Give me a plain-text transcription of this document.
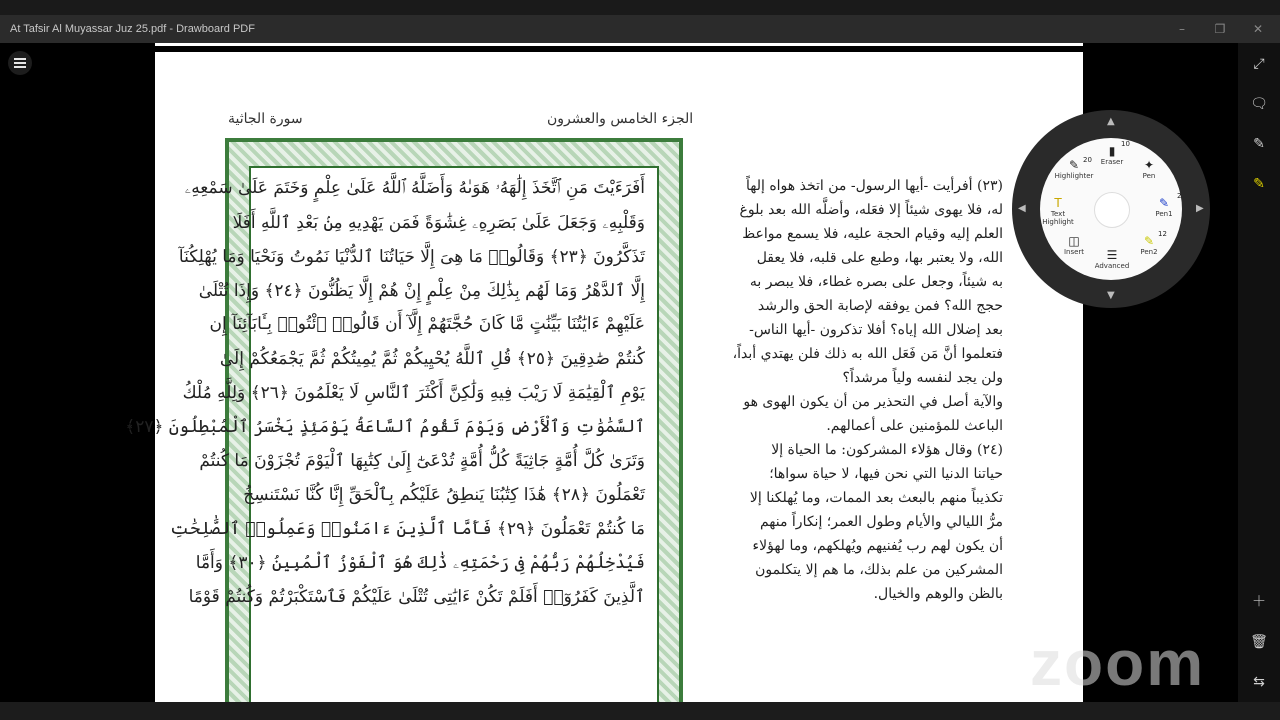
At Tafsir Al Muyassar Juz 25.pdf - Drawboard PDF	–	❐	✕
سورة الجاثية	الجزء الخامس والعشرون
أَفَرَءَيْتَ مَنِ ٱتَّخَذَ إِلَٰهَهُۥ هَوَىٰهُ وَأَضَلَّهُ ٱللَّهُ عَلَىٰ عِلْمٍ وَخَتَمَ عَلَىٰ سَمْعِهِۦ
وَقَلْبِهِۦ وَجَعَلَ عَلَىٰ بَصَرِهِۦ غِشَٰوَةً فَمَن يَهْدِيهِ مِنۢ بَعْدِ ٱللَّهِ أَفَلَا
تَذَكَّرُونَ ﴿٢٣﴾ وَقَالُوا۟ مَا هِىَ إِلَّا حَيَاتُنَا ٱلدُّنْيَا نَمُوتُ وَنَحْيَا وَمَا يُهْلِكُنَآ
إِلَّا ٱلدَّهْرُ وَمَا لَهُم بِذَٰلِكَ مِنْ عِلْمٍ إِنْ هُمْ إِلَّا يَظُنُّونَ ﴿٢٤﴾ وَإِذَا تُتْلَىٰ
عَلَيْهِمْ ءَايَٰتُنَا بَيِّنَٰتٍ مَّا كَانَ حُجَّتَهُمْ إِلَّآ أَن قَالُوا۟ ٱئْتُوا۟ بِـَٔابَآئِنَآ إِن
كُنتُمْ صَٰدِقِينَ ﴿٢٥﴾ قُلِ ٱللَّهُ يُحْيِيكُمْ ثُمَّ يُمِيتُكُمْ ثُمَّ يَجْمَعُكُمْ إِلَىٰ
يَوْمِ ٱلْقِيَٰمَةِ لَا رَيْبَ فِيهِ وَلَٰكِنَّ أَكْثَرَ ٱلنَّاسِ لَا يَعْلَمُونَ ﴿٢٦﴾ وَلِلَّهِ مُلْكُ
ٱلسَّمَٰوَٰتِ وَٱلْأَرْضِ وَيَوْمَ تَقُومُ ٱلسَّاعَةُ يَوْمَئِذٍ يَخْسَرُ ٱلْمُبْطِلُونَ ﴿٢٧﴾
وَتَرَىٰ كُلَّ أُمَّةٍ جَاثِيَةً كُلُّ أُمَّةٍ تُدْعَىٰٓ إِلَىٰ كِتَٰبِهَا ٱلْيَوْمَ تُجْزَوْنَ مَا كُنتُمْ
تَعْمَلُونَ ﴿٢٨﴾ هَٰذَا كِتَٰبُنَا يَنطِقُ عَلَيْكُم بِٱلْحَقِّ إِنَّا كُنَّا نَسْتَنسِخُ
مَا كُنتُمْ تَعْمَلُونَ ﴿٢٩﴾ فَأَمَّا ٱلَّذِينَ ءَامَنُوا۟ وَعَمِلُوا۟ ٱلصَّٰلِحَٰتِ
فَيُدْخِلُهُمْ رَبُّهُمْ فِى رَحْمَتِهِۦ ذَٰلِكَ هُوَ ٱلْفَوْزُ ٱلْمُبِينُ ﴿٣٠﴾ وَأَمَّا
ٱلَّذِينَ كَفَرُوٓا۟ أَفَلَمْ تَكُنْ ءَايَٰتِى تُتْلَىٰ عَلَيْكُمْ فَٱسْتَكْبَرْتُمْ وَكُنتُمْ قَوْمًا
(٢٣) أفرأيت -أيها الرسول- من اتخذ هواه إلهاً
له، فلا يهوى شيئاً إلا فعَله، وأضلَّه الله بعد بلوغ
العلم إليه وقيام الحجة عليه، فلا يسمع مواعظ
الله، ولا يعتبر بها، وطبع على قلبه، فلا يعقل
به شيئاً، وجعل على بصره غطاء، فلا يبصر به
حجج الله؟ فمن يوفقه لإصابة الحق والرشد
بعد إضلال الله إياه؟ أفلا تذكرون -أيها الناس-
فتعلموا أنَّ مَن فَعَل الله به ذلك فلن يهتدي أبداً،
ولن يجد لنفسه ولياً مرشداً؟
والآية أصل في التحذير من أن يكون الهوى هو
الباعث للمؤمنين على أعمالهم.
(٢٤) وقال هؤلاء المشركون: ما الحياة إلا
حياتنا الدنيا التي نحن فيها، لا حياة سواها؛
تكذيباً منهم بالبعث بعد الممات، وما يُهلكنا إلا
مرُّ الليالي والأيام وطول العمر؛ إنكاراً منهم
أن يكون لهم رب يُفنيهم ويُهلكهم، وما لهؤلاء
المشركين من علم بذلك، ما هم إلا يتكلمون
بالظن والوهم والخيال.
▲
▼
◀	▶
✎
Highlighter
20
▮
Eraser
10
✦
Pen
T
Text Highlight
✎
Pen1
2
◫
Insert	☰
Advanced
✎
Pen2
12
⤢
🗨
✎
✎
＋
🗑
⇆
zoom
